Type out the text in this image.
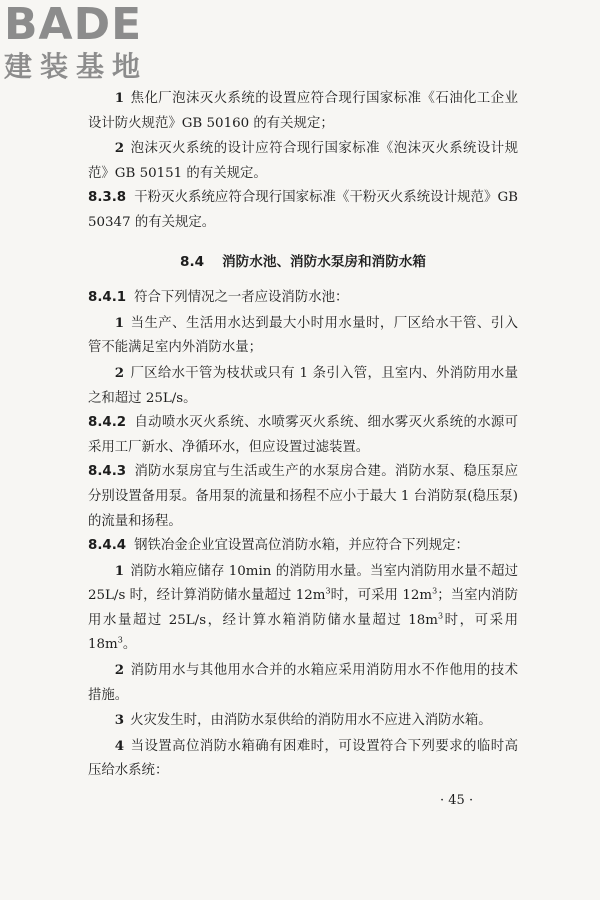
BADE
建装基地

1 焦化厂泡沫灭火系统的设置应符合现行国家标准《石油化工企业设计防火规范》GB 50160 的有关规定；

2 泡沫灭火系统的设计应符合现行国家标准《泡沫灭火系统设计规范》GB 50151 的有关规定。

8.3.8 干粉灭火系统应符合现行国家标准《干粉灭火系统设计规范》GB 50347 的有关规定。

8.4 消防水池、消防水泵房和消防水箱

8.4.1 符合下列情况之一者应设消防水池：

1 当生产、生活用水达到最大小时用水量时，厂区给水干管、引入管不能满足室内外消防水量；

2 厂区给水干管为枝状或只有 1 条引入管，且室内、外消防用水量之和超过 25L/s。

8.4.2 自动喷水灭火系统、水喷雾灭火系统、细水雾灭火系统的水源可采用工厂新水、净循环水，但应设置过滤装置。

8.4.3 消防水泵房宜与生活或生产的水泵房合建。消防水泵、稳压泵应分别设置备用泵。备用泵的流量和扬程不应小于最大 1 台消防泵(稳压泵)的流量和扬程。

8.4.4 钢铁冶金企业宜设置高位消防水箱，并应符合下列规定：

1 消防水箱应储存 10min 的消防用水量。当室内消防用水量不超过 25L/s 时，经计算消防储水量超过 $12m^3$时，可采用 $12m^3$；当室内消防用水量超过 25L/s，经计算水箱消防储水量超过 $18m^3$时，可采用 $18m^3$。

2 消防用水与其他用水合并的水箱应采用消防用水不作他用的技术措施。

3 火灾发生时，由消防水泵供给的消防用水不应进入消防水箱。

4 当设置高位消防水箱确有困难时，可设置符合下列要求的临时高压给水系统：

· 45 ·
